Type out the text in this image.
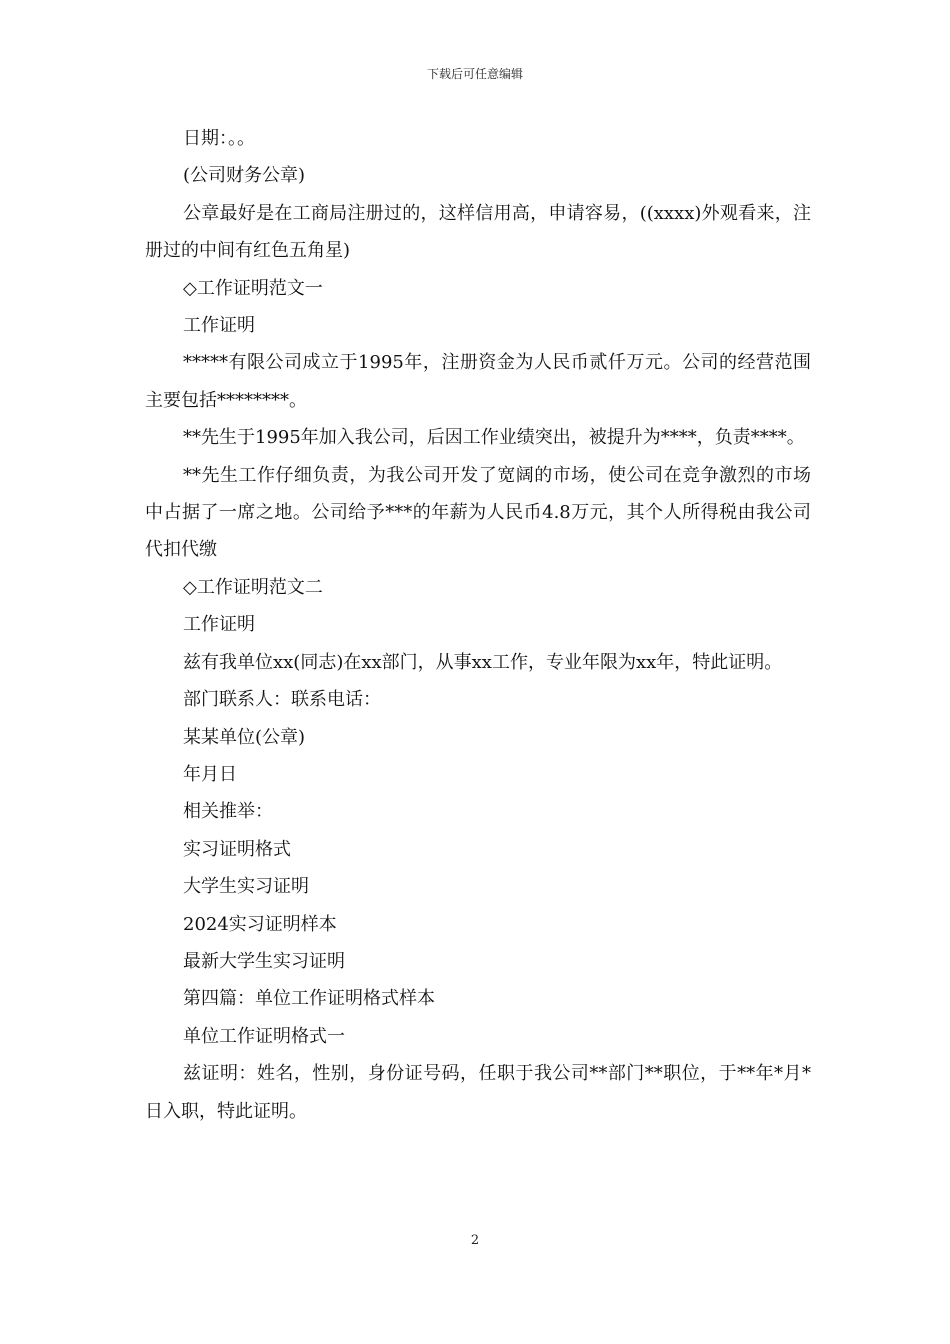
下载后可任意编辑

日期：。。

(公司财务公章)

公章最好是在工商局注册过的，这样信用高，申请容易，((xxxx)外观看来，注册过的中间有红色五角星)

◇工作证明范文一

工作证明

*****有限公司成立于1995年，注册资金为人民币贰仟万元。公司的经营范围主要包括********。

**先生于1995年加入我公司，后因工作业绩突出，被提升为****，负责****。

**先生工作仔细负责，为我公司开发了宽阔的市场，使公司在竞争激烈的市场中占据了一席之地。公司给予***的年薪为人民币4.8万元，其个人所得税由我公司代扣代缴

◇工作证明范文二

工作证明

兹有我单位xx(同志)在xx部门，从事xx工作，专业年限为xx年，特此证明。

部门联系人：联系电话：

某某单位(公章)

年月日

相关推举：

实习证明格式

大学生实习证明

2024实习证明样本

最新大学生实习证明

第四篇：单位工作证明格式样本

单位工作证明格式一

兹证明：姓名，性别，身份证号码，任职于我公司**部门**职位，于**年*月*日入职，特此证明。

2
